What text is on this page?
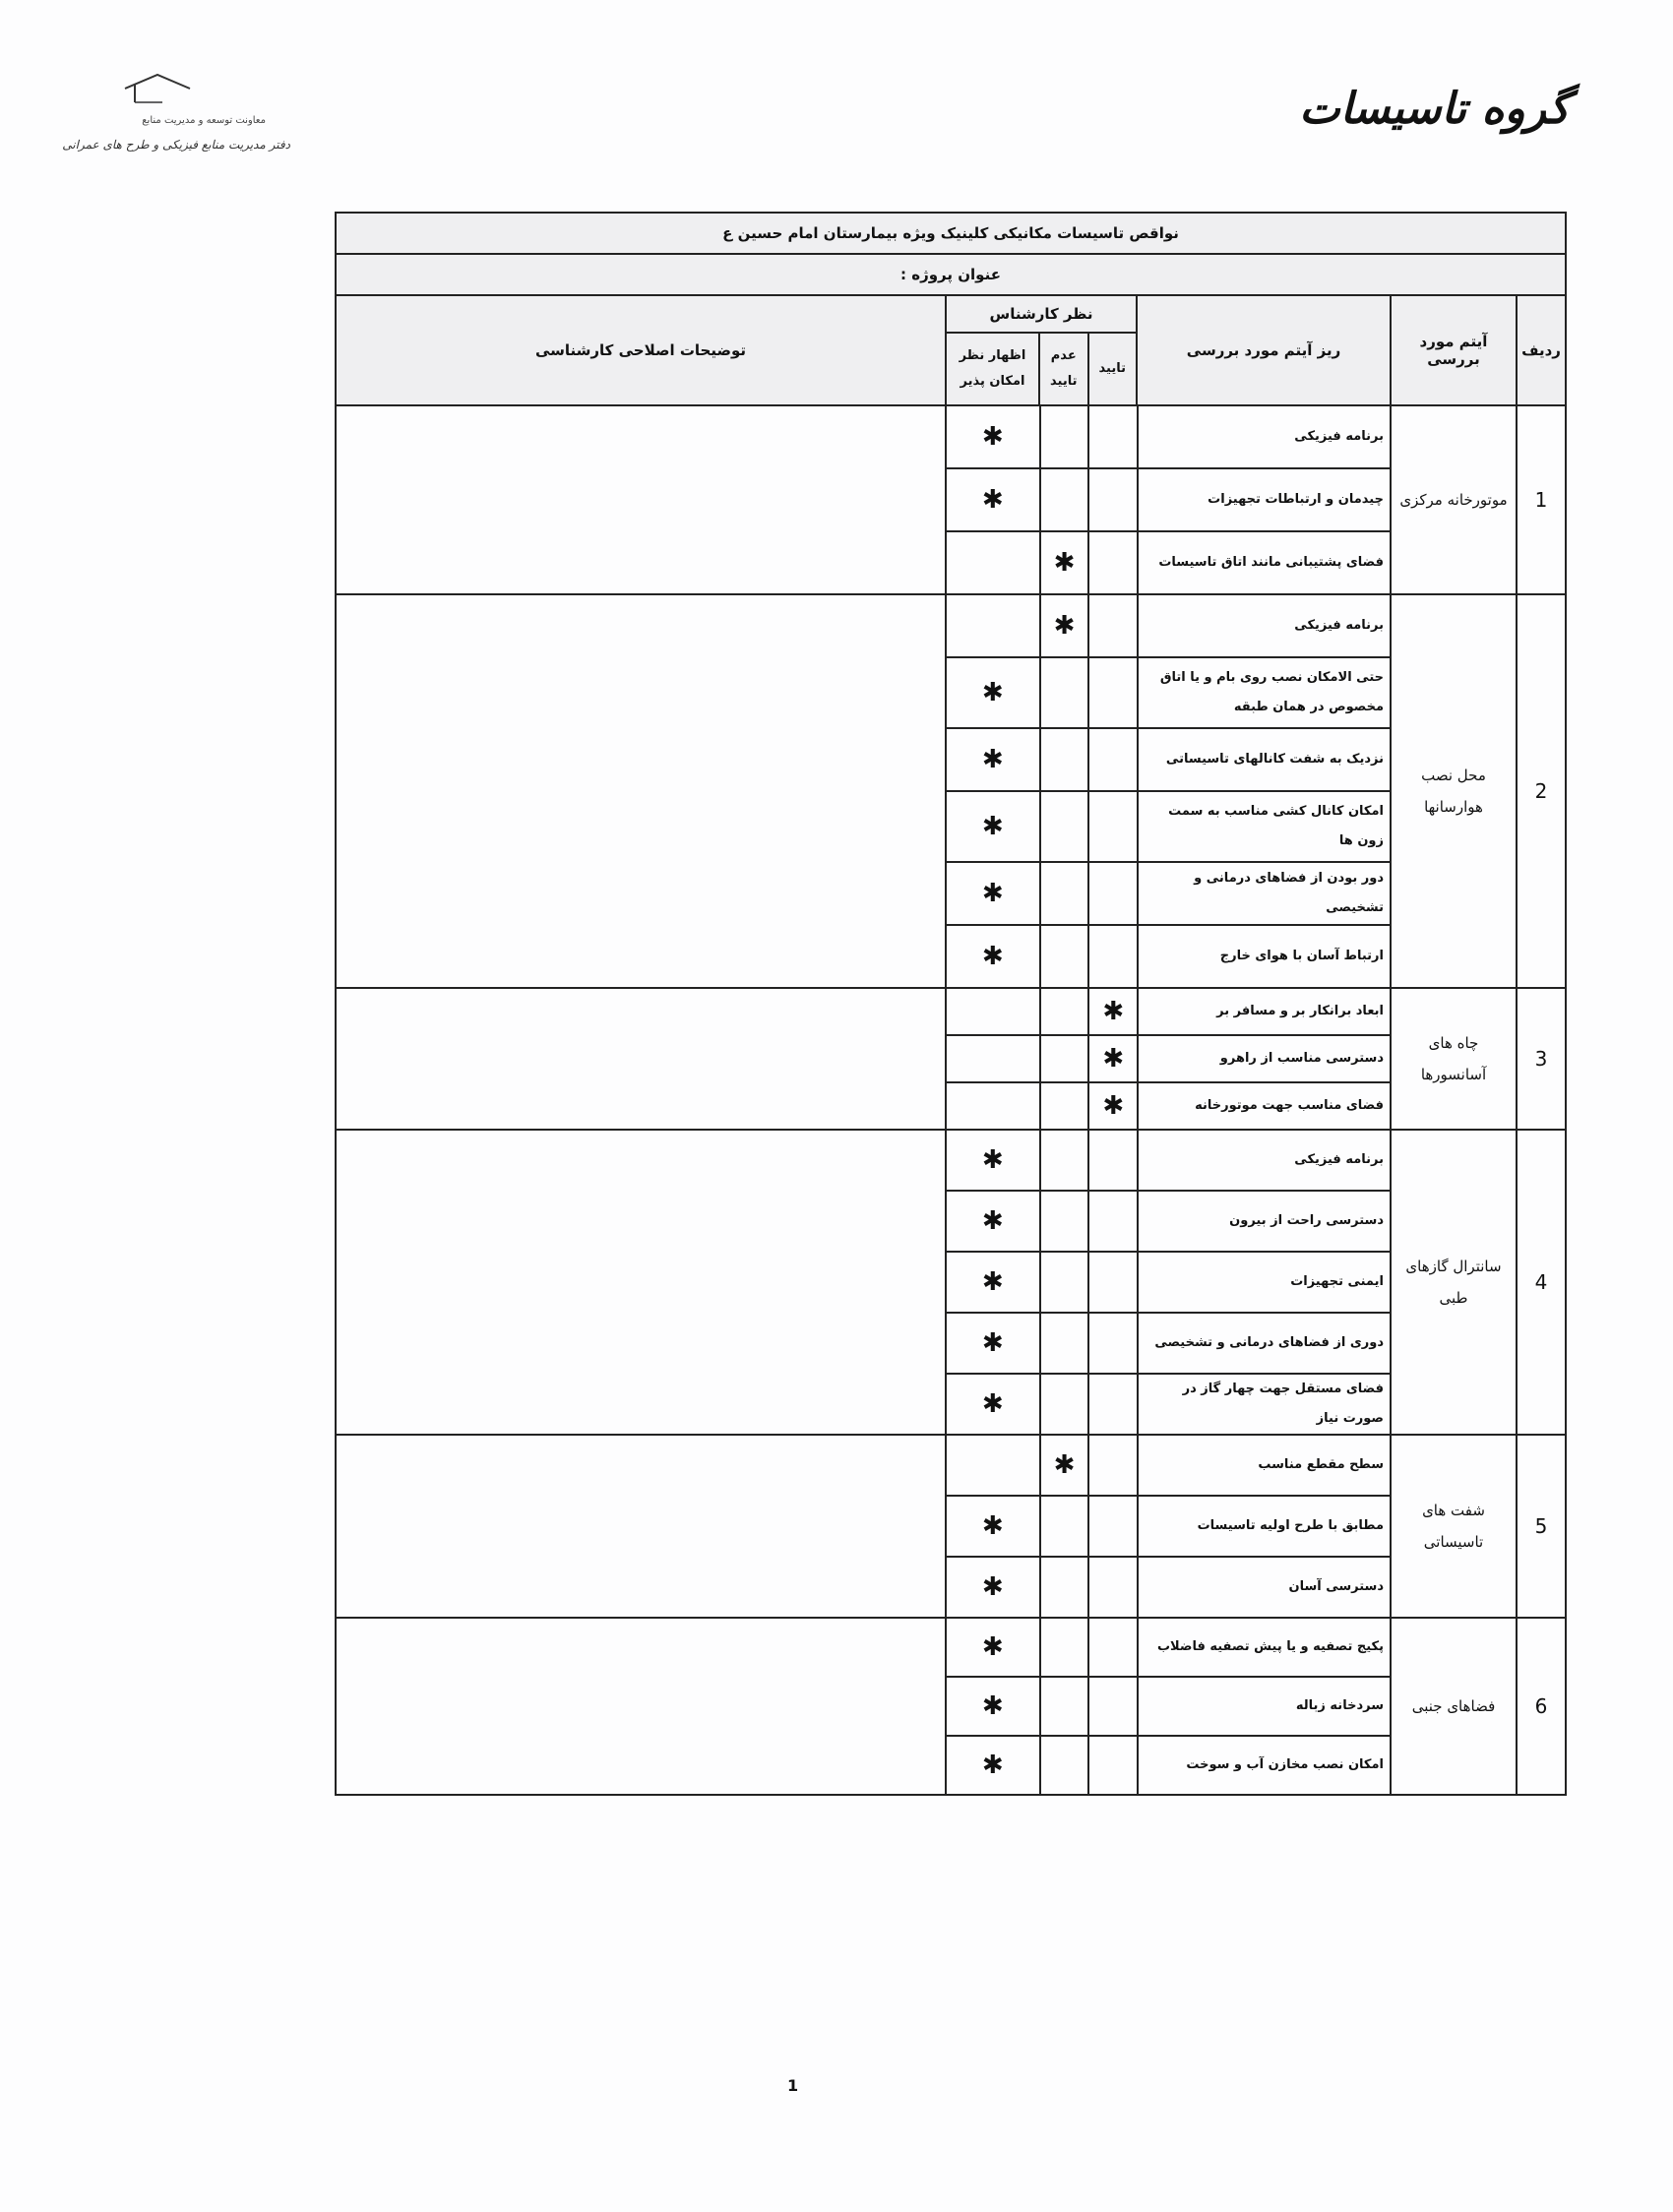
معاونت توسعه و مدیریت منابع
دفتر مدیریت منابع فیزیکی و طرح های عمرانی
گروه تاسیسات
نواقص تاسیسات مکانیکی کلینیک ویژه بیمارستان امام حسین ع
عنوان پروژه :
ردیف
آیتم مورد بررسی
ریز آیتم مورد بررسی
نظر کارشناس
تایید
عدم تایید
اظهار نظر امکان پذیر
توضیحات اصلاحی کارشناسی
1
موتورخانه مرکزی
برنامه فیزیکی
✱
چیدمان و ارتباطات تجهیزات
✱
فضای پشتیبانی مانند اتاق تاسیسات
✱
2
محل نصب هوارسانها
برنامه فیزیکی
✱
حتی الامکان نصب روی بام و یا اتاق مخصوص در همان طبقه
✱
نزدیک به شفت کانالهای تاسیساتی
✱
امکان کانال کشی مناسب به سمت زون ها
✱
دور بودن از فضاهای درمانی و تشخیصی
✱
ارتباط آسان با هوای خارج
✱
3
چاه های آسانسورها
ابعاد برانکار بر و مسافر بر
✱
دسترسی مناسب از راهرو
✱
فضای مناسب جهت موتورخانه
✱
4
سانترال گازهای طبی
برنامه فیزیکی
✱
دسترسی راحت از بیرون
✱
ایمنی تجهیزات
✱
دوری از فضاهای درمانی و تشخیصی
✱
فضای مستقل جهت چهار گاز در صورت نیاز
✱
5
شفت های تاسیساتی
سطح مقطع مناسب
✱
مطابق با طرح اولیه تاسیسات
✱
دسترسی آسان
✱
6
فضاهای جنبی
پکیج تصفیه و یا پیش تصفیه فاضلاب
✱
سردخانه زباله
✱
امکان نصب مخازن آب و سوخت
✱
1
